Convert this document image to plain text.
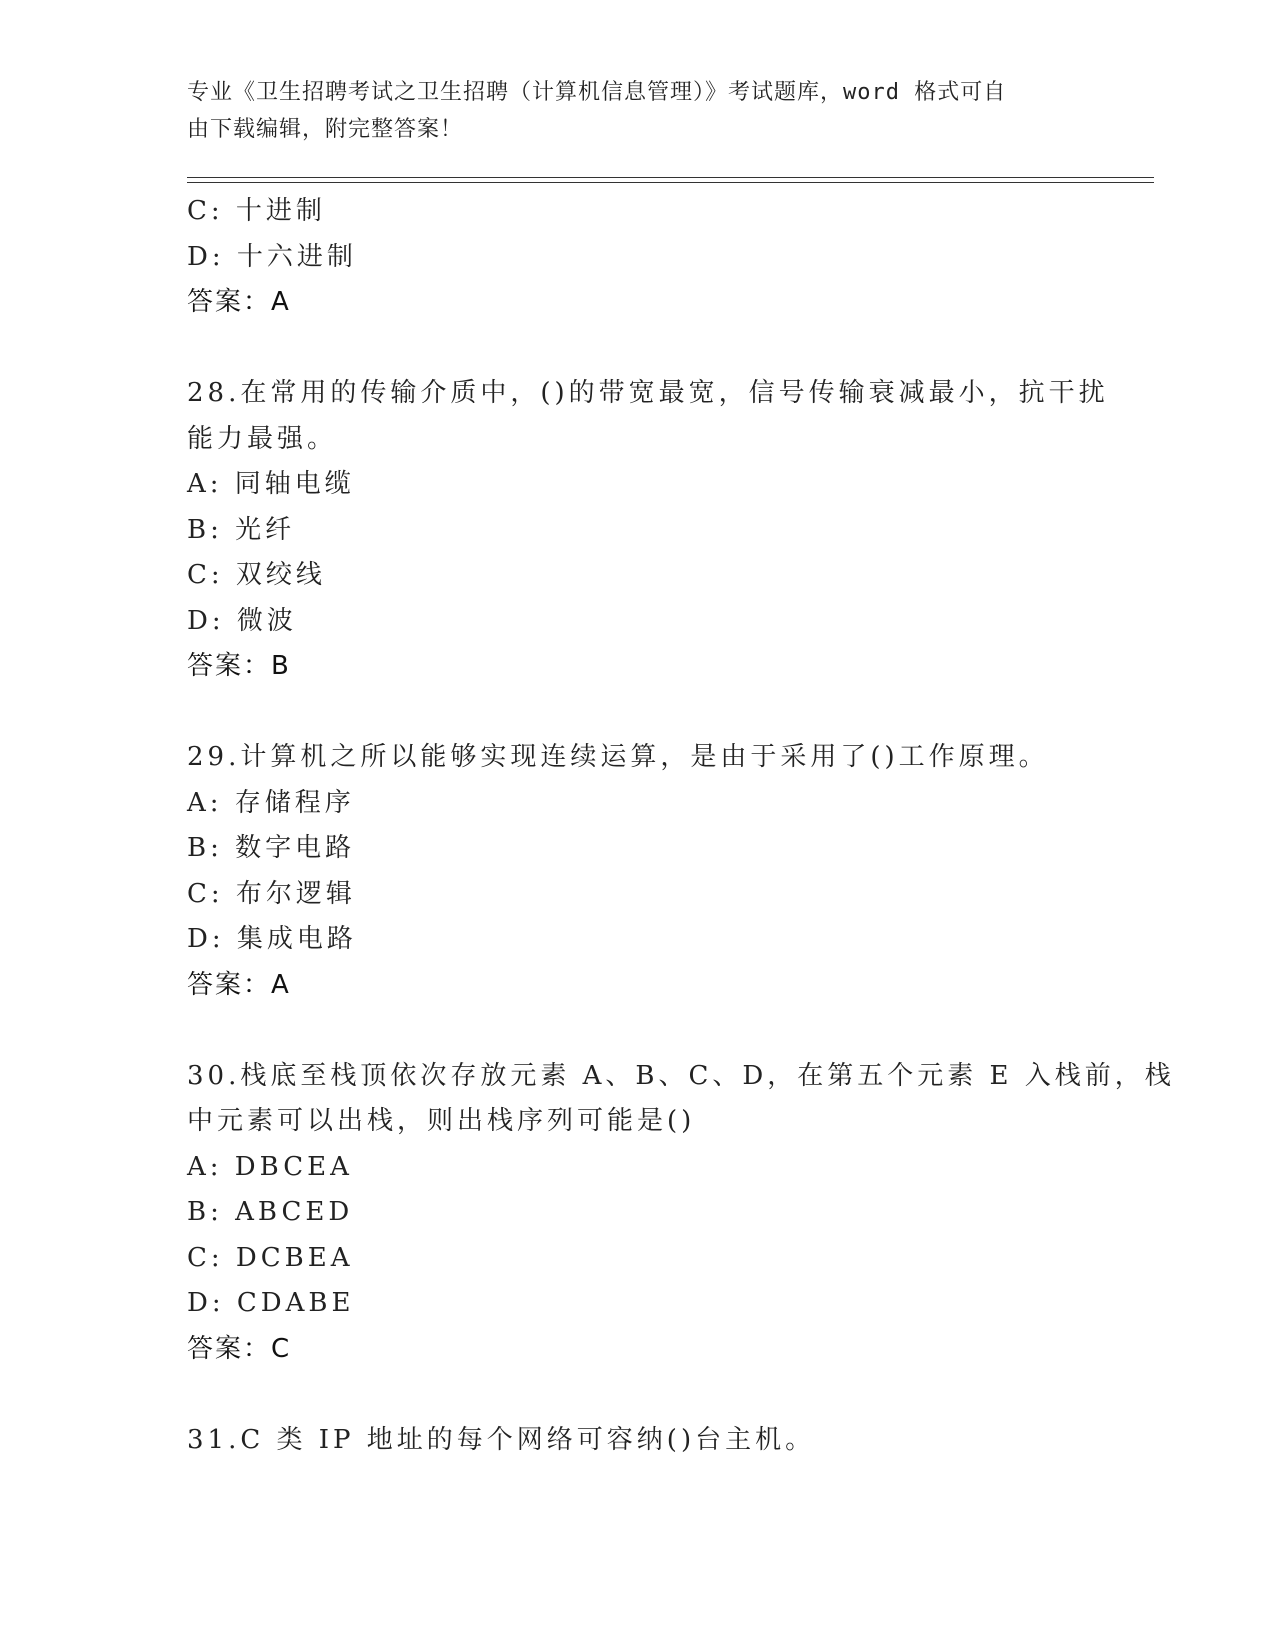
专业《卫生招聘考试之卫生招聘（计算机信息管理）》考试题库，word 格式可自
由下载编辑，附完整答案！
C: 十进制
D: 十六进制
答案：A
28.在常用的传输介质中，()的带宽最宽，信号传输衰减最小，抗干扰
能力最强。
A: 同轴电缆
B: 光纤
C: 双绞线
D: 微波
答案：B
29.计算机之所以能够实现连续运算，是由于采用了()工作原理。
A: 存储程序
B: 数字电路
C: 布尔逻辑
D: 集成电路
答案：A
30.栈底至栈顶依次存放元素 A、B、C、D，在第五个元素 E 入栈前，栈
中元素可以出栈，则出栈序列可能是()
A: DBCEA
B: ABCED
C: DCBEA
D: CDABE
答案：C
31.C 类 IP 地址的每个网络可容纳()台主机。
